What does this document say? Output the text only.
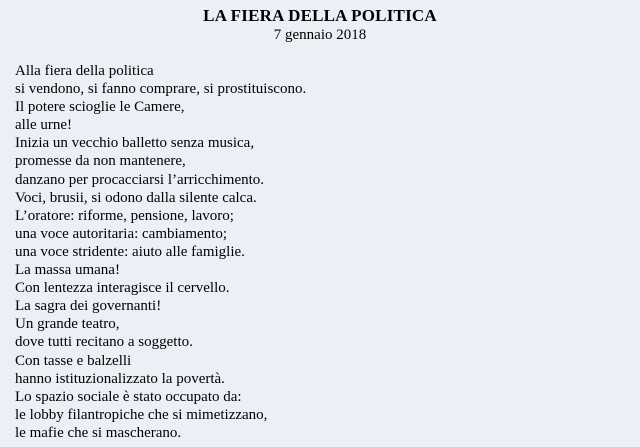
LA FIERA DELLA POLITICA
7 gennaio 2018
Alla fiera della politica
si vendono, si fanno comprare, si prostituiscono.
Il potere scioglie le Camere,
alle urne!
Inizia un vecchio balletto senza musica,
promesse da non mantenere,
danzano per procacciarsi l’arricchimento.
Voci, brusii, si odono dalla silente calca.
L’oratore: riforme, pensione, lavoro;
una voce autoritaria: cambiamento;
una voce stridente: aiuto alle famiglie.
La massa umana!
Con lentezza interagisce il cervello.
La sagra dei governanti!
Un grande teatro,
dove tutti recitano a soggetto.
Con tasse e balzelli
hanno istituzionalizzato la povertà.
Lo spazio sociale è stato occupato da:
le lobby filantropiche che si mimetizzano,
le mafie che si mascherano.
